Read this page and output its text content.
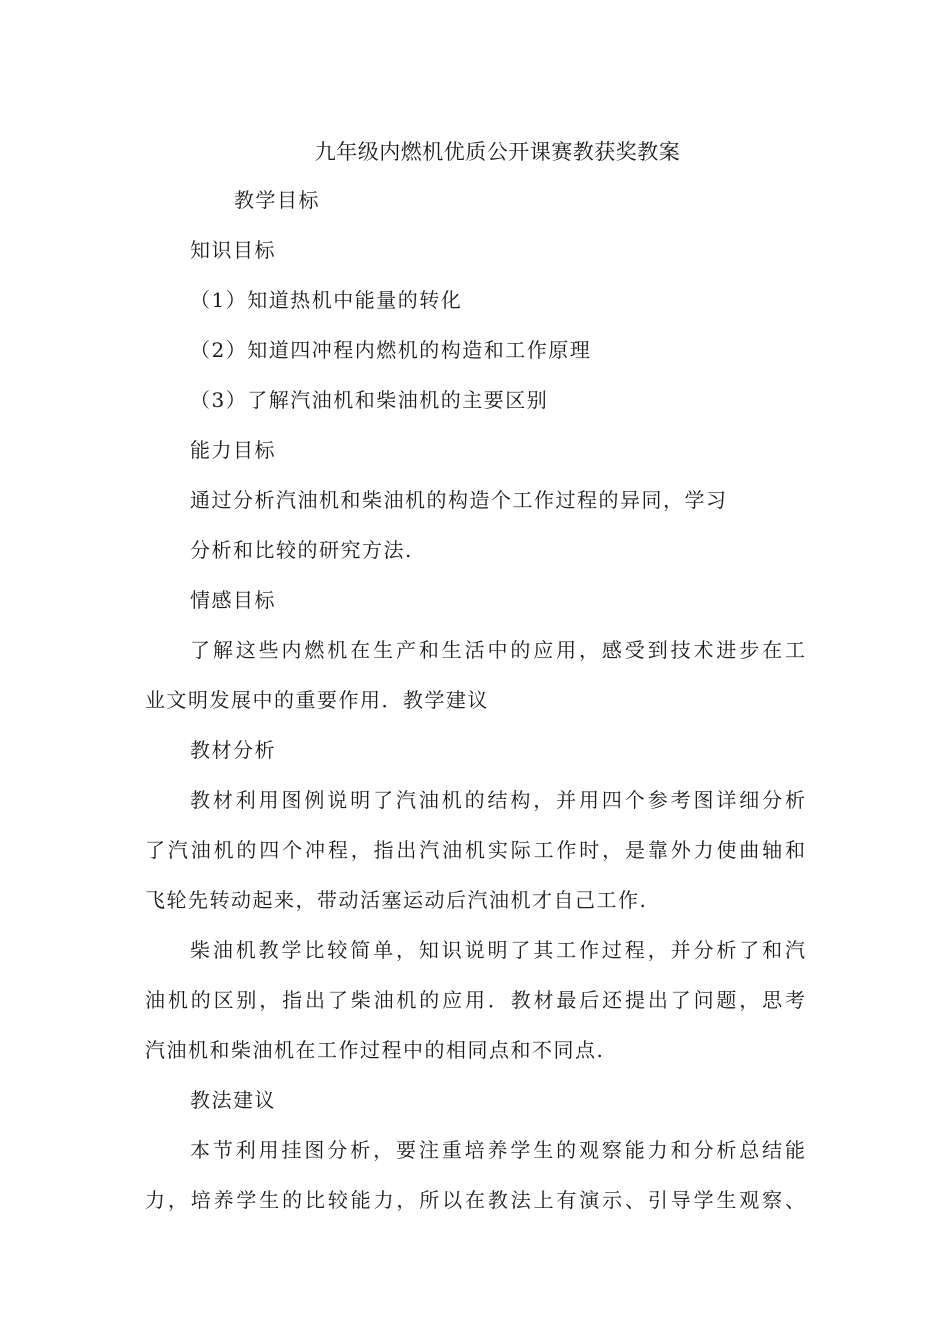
九年级内燃机优质公开课赛教获奖教案
教学目标
知识目标
（1）知道热机中能量的转化
（2）知道四冲程内燃机的构造和工作原理
（3）了解汽油机和柴油机的主要区别
能力目标
通过分析汽油机和柴油机的构造个工作过程的异同，学习
分析和比较的研究方法.
情感目标
了解这些内燃机在生产和生活中的应用，感受到技术进步在工
业文明发展中的重要作用．教学建议
教材分析
教材利用图例说明了汽油机的结构，并用四个参考图详细分析
了汽油机的四个冲程，指出汽油机实际工作时，是靠外力使曲轴和
飞轮先转动起来，带动活塞运动后汽油机才自己工作.
柴油机教学比较简单，知识说明了其工作过程，并分析了和汽
油机的区别，指出了柴油机的应用．教材最后还提出了问题，思考
汽油机和柴油机在工作过程中的相同点和不同点.
教法建议
本节利用挂图分析，要注重培养学生的观察能力和分析总结能
力，培养学生的比较能力，所以在教法上有演示、引导学生观察、
